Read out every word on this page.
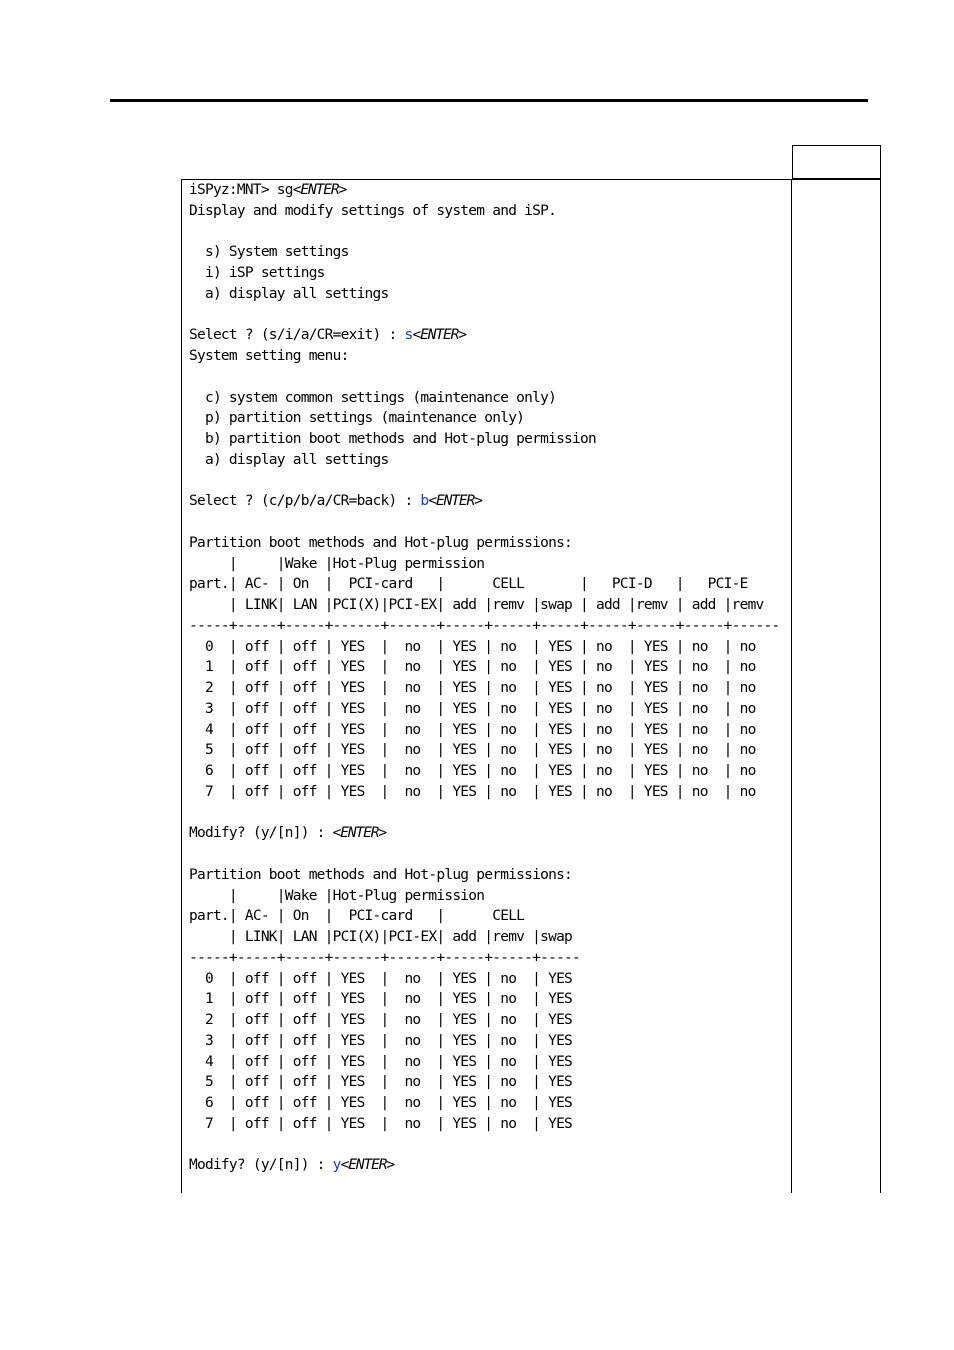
iSPyz:MNT> sg<ENTER>
Display and modify settings of system and iSP.
s) System settings
i) iSP settings
a) display all settings
Select ? (s/i/a/CR=exit) : s<ENTER>
System setting menu:
c) system common settings (maintenance only)
p) partition settings (maintenance only)
b) partition boot methods and Hot-plug permission
a) display all settings
Select ? (c/p/b/a/CR=back) : b<ENTER>
Partition boot methods and Hot-plug permissions:
|     |Wake |Hot-Plug permission
part.| AC- | On  |  PCI-card   |      CELL       |   PCI-D   |   PCI-E
| LINK| LAN |PCI(X)|PCI-EX| add |remv |swap | add |remv | add |remv
-----+-----+-----+------+------+-----+-----+-----+-----+-----+-----+------
0  | off | off | YES  |  no  | YES | no  | YES | no  | YES | no  | no
1  | off | off | YES  |  no  | YES | no  | YES | no  | YES | no  | no
2  | off | off | YES  |  no  | YES | no  | YES | no  | YES | no  | no
3  | off | off | YES  |  no  | YES | no  | YES | no  | YES | no  | no
4  | off | off | YES  |  no  | YES | no  | YES | no  | YES | no  | no
5  | off | off | YES  |  no  | YES | no  | YES | no  | YES | no  | no
6  | off | off | YES  |  no  | YES | no  | YES | no  | YES | no  | no
7  | off | off | YES  |  no  | YES | no  | YES | no  | YES | no  | no
Modify? (y/[n]) : <ENTER>
Partition boot methods and Hot-plug permissions:
|     |Wake |Hot-Plug permission
part.| AC- | On  |  PCI-card   |      CELL
| LINK| LAN |PCI(X)|PCI-EX| add |remv |swap
-----+-----+-----+------+------+-----+-----+-----
0  | off | off | YES  |  no  | YES | no  | YES
1  | off | off | YES  |  no  | YES | no  | YES
2  | off | off | YES  |  no  | YES | no  | YES
3  | off | off | YES  |  no  | YES | no  | YES
4  | off | off | YES  |  no  | YES | no  | YES
5  | off | off | YES  |  no  | YES | no  | YES
6  | off | off | YES  |  no  | YES | no  | YES
7  | off | off | YES  |  no  | YES | no  | YES
Modify? (y/[n]) : y<ENTER>
